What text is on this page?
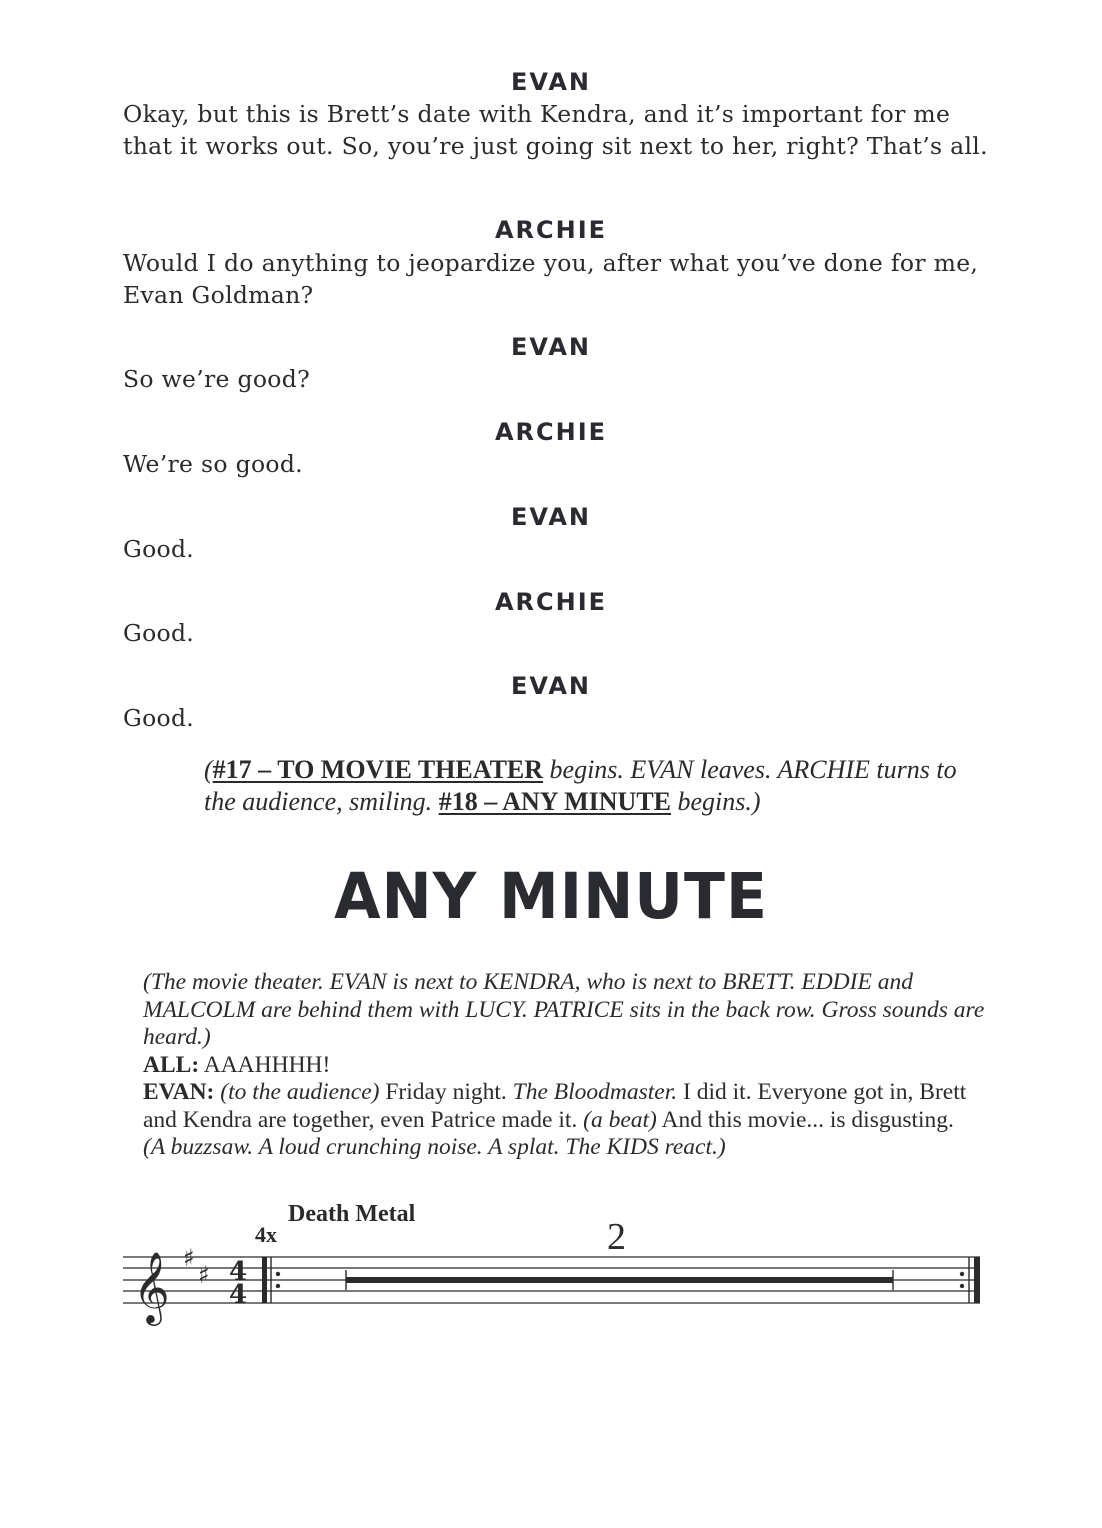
EVAN
Okay, but this is Brett’s date with Kendra, and it’s important for me that it works out. So, you’re just going sit next to her, right? That’s all.
ARCHIE
Would I do anything to jeopardize you, after what you’ve done for me, Evan Goldman?
EVAN
So we’re good?
ARCHIE
We’re so good.
EVAN
Good.
ARCHIE
Good.
EVAN
Good.
(#17 – TO MOVIE THEATER begins. EVAN leaves. ARCHIE turns to the audience, smiling. #18 – ANY MINUTE begins.)
ANY MINUTE
(The movie theater. EVAN is next to KENDRA, who is next to BRETT. EDDIE and MALCOLM are behind them with LUCY. PATRICE sits in the back row. Gross sounds are heard.)
ALL: AAAHHHH!
EVAN: (to the audience) Friday night. The Bloodmaster. I did it. Everyone got in, Brett and Kendra are together, even Patrice made it. (a beat) And this movie... is disgusting.
(A buzzsaw. A loud crunching noise. A splat. The KIDS react.)
4x
Death Metal
2
𝄞 ♯
♯ 4
4
